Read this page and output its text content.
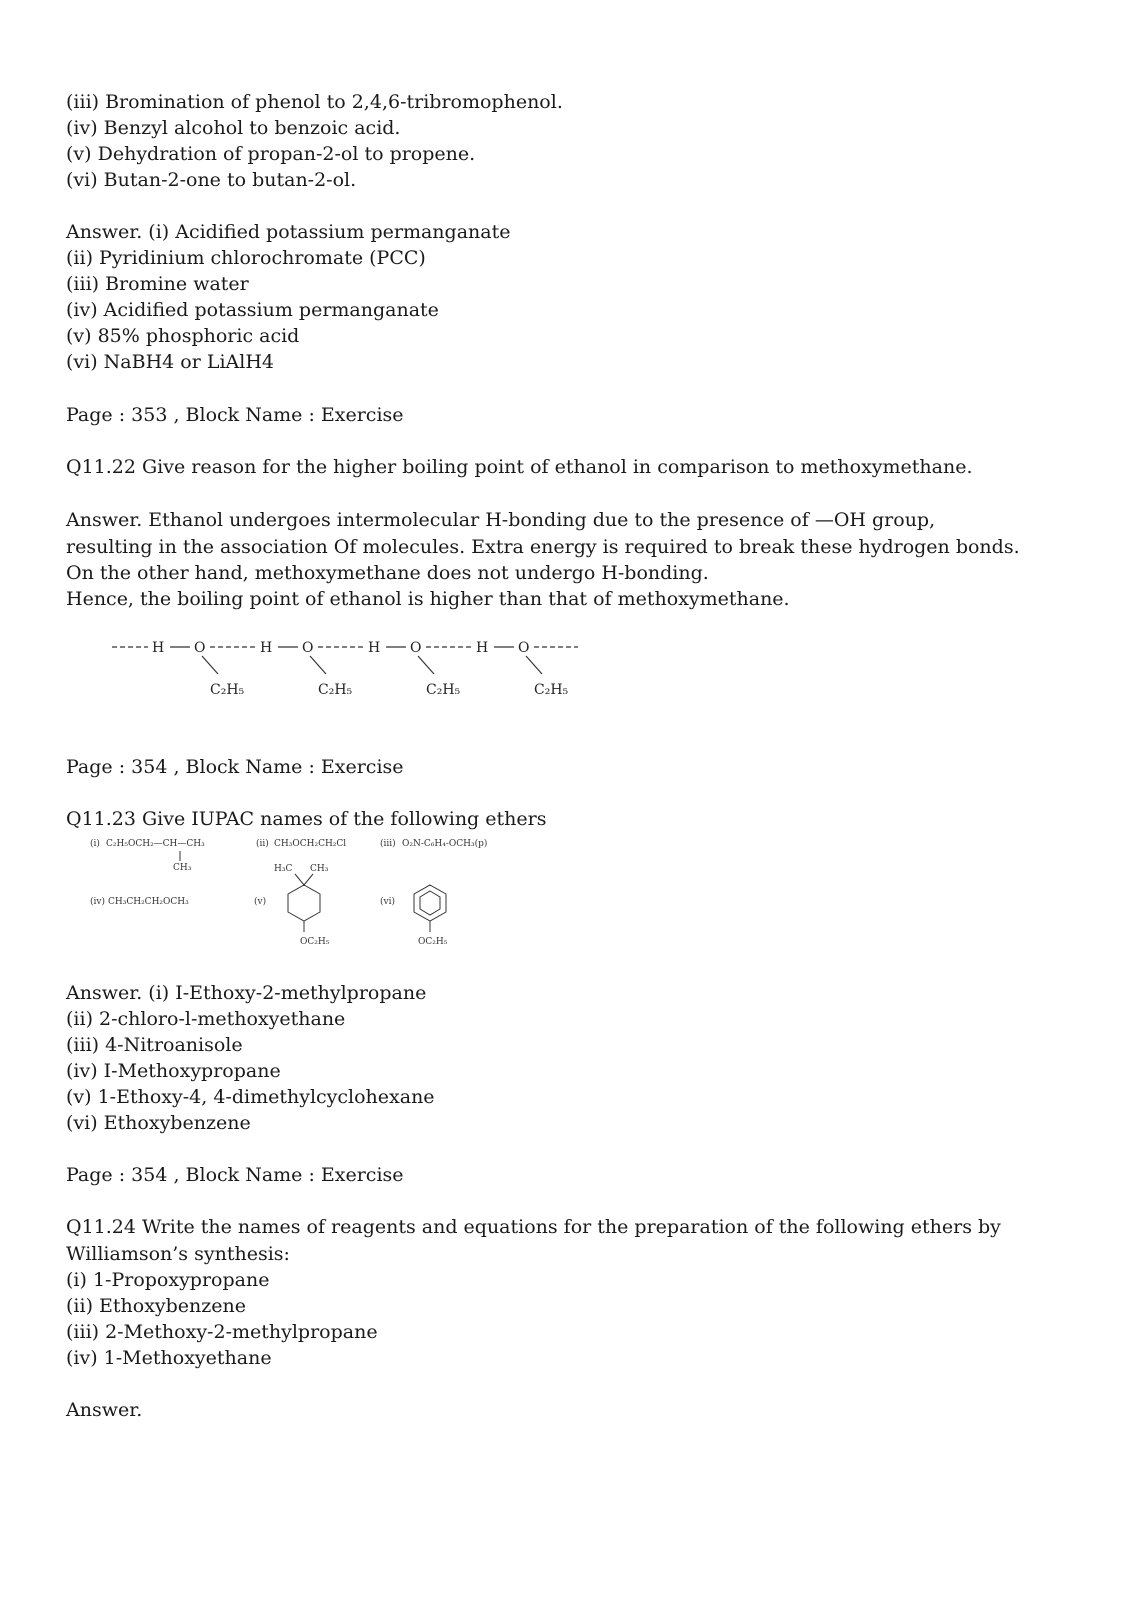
(iii) Bromination of phenol to 2,4,6-tribromophenol.
(iv) Benzyl alcohol to benzoic acid.
(v) Dehydration of propan-2-ol to propene.
(vi) Butan-2-one to butan-2-ol.
Answer. (i) Acidified potassium permanganate
(ii) Pyridinium chlorochromate (PCC)
(iii) Bromine water
(iv) Acidified potassium permanganate
(v) 85% phosphoric acid
(vi) NaBH4 or LiAlH4
Page : 353 , Block Name : Exercise
Q11.22 Give reason for the higher boiling point of ethanol in comparison to methoxymethane.
Answer. Ethanol undergoes intermolecular H-bonding due to the presence of —OH group, resulting in the association Of molecules. Extra energy is required to break these hydrogen bonds. On the other hand, methoxymethane does not undergo H-bonding.
Hence, the boiling point of ethanol is higher than that of methoxymethane.
H O	H O	H O	H O
C₂H₅	C₂H₅	C₂H₅	C₂H₅
Page : 354 , Block Name : Exercise
Q11.23 Give IUPAC names of the following ethers
(i) C₂H₅OCH₂—CH—CH₃
CH₃
(ii) CH₃OCH₂CH₂Cl	(iii) O₂N-C₆H₄-OCH₃(p)
(iv) CH₃CH₂CH₂OCH₃	(v)
H₃C CH₃
OC₂H₅
(vi)
OC₂H₅
Answer. (i) I-Ethoxy-2-methylpropane
(ii) 2-chloro-l-methoxyethane
(iii) 4-Nitroanisole
(iv) I-Methoxypropane
(v) 1-Ethoxy-4, 4-dimethylcyclohexane
(vi) Ethoxybenzene
Page : 354 , Block Name : Exercise
Q11.24 Write the names of reagents and equations for the preparation of the following ethers by Williamson’s synthesis:
(i) 1-Propoxypropane
(ii) Ethoxybenzene
(iii) 2-Methoxy-2-methylpropane
(iv) 1-Methoxyethane
Answer.
